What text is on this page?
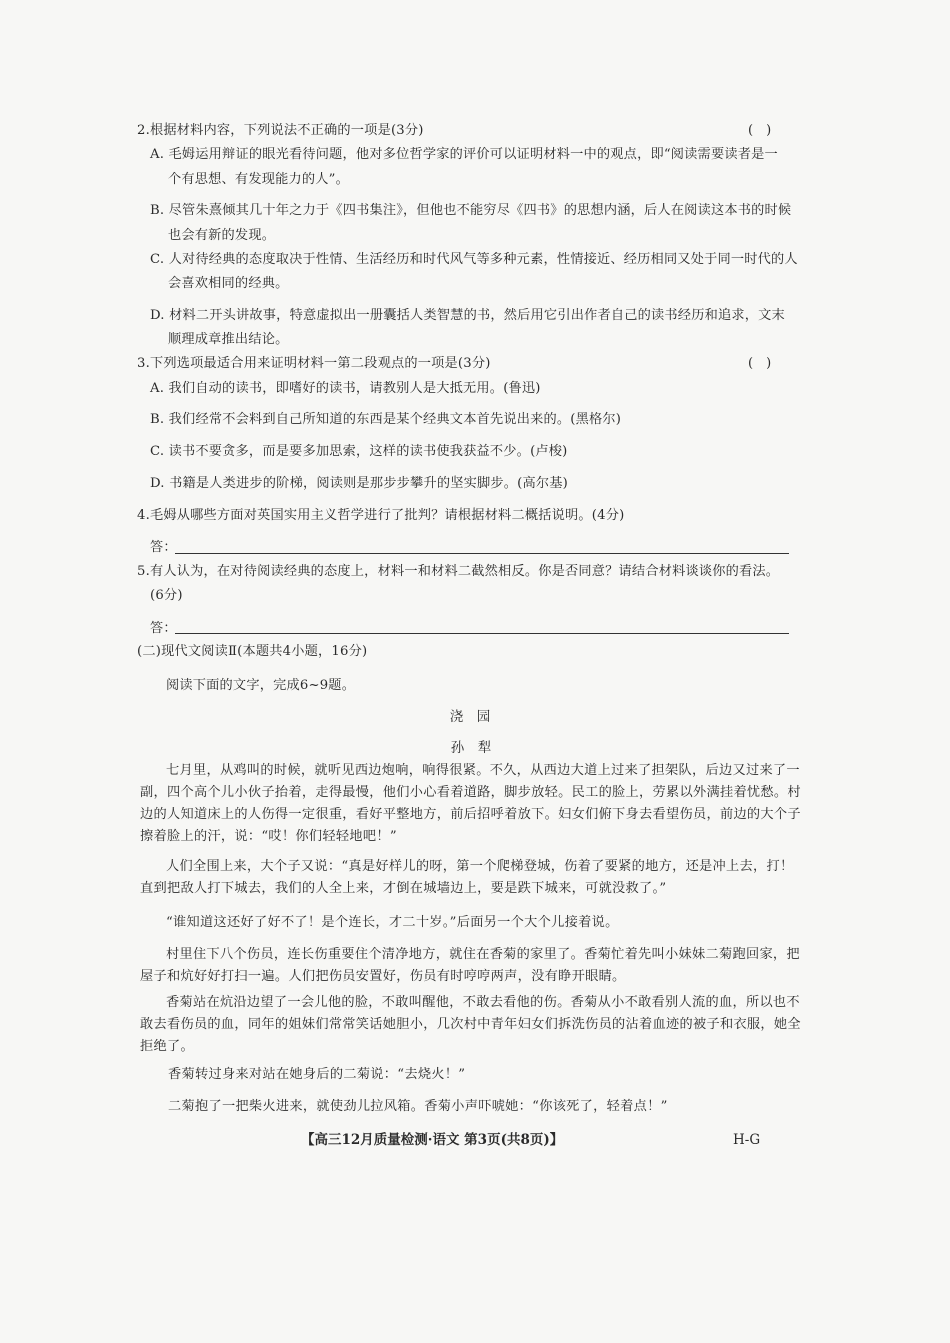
2.根据材料内容，下列说法不正确的一项是(3分)	(　)
A. 毛姆运用辩证的眼光看待问题，他对多位哲学家的评价可以证明材料一中的观点，即“阅读需要读者是一
个有思想、有发现能力的人”。
B. 尽管朱熹倾其几十年之力于《四书集注》，但他也不能穷尽《四书》的思想内涵，后人在阅读这本书的时候
也会有新的发现。
C. 人对待经典的态度取决于性情、生活经历和时代风气等多种元素，性情接近、经历相同又处于同一时代的人
会喜欢相同的经典。
D. 材料二开头讲故事，特意虚拟出一册囊括人类智慧的书，然后用它引出作者自己的读书经历和追求，文末
顺理成章推出结论。
3.下列选项最适合用来证明材料一第二段观点的一项是(3分)	(　)
A. 我们自动的读书，即嗜好的读书，请教别人是大抵无用。(鲁迅)
B. 我们经常不会料到自己所知道的东西是某个经典文本首先说出来的。(黑格尔)
C. 读书不要贪多，而是要多加思索，这样的读书使我获益不少。(卢梭)
D. 书籍是人类进步的阶梯，阅读则是那步步攀升的坚实脚步。(高尔基)
4.毛姆从哪些方面对英国实用主义哲学进行了批判？请根据材料二概括说明。(4分)
答：
5.有人认为，在对待阅读经典的态度上，材料一和材料二截然相反。你是否同意？请结合材料谈谈你的看法。
(6分)
答：
(二)现代文阅读Ⅱ(本题共4小题，16分)
阅读下面的文字，完成6~9题。
浇　园
孙　犁
七月里，从鸡叫的时候，就听见西边炮响，响得很紧。不久，从西边大道上过来了担架队，后边又过来了一副，四个高个儿小伙子抬着，走得最慢，他们小心看着道路，脚步放轻。民工的脸上，劳累以外满挂着忧愁。村边的人知道床上的人伤得一定很重，看好平整地方，前后招呼着放下。妇女们俯下身去看望伤员，前边的大个子擦着脸上的汗，说：“哎！你们轻轻地吧！”
人们全围上来，大个子又说：“真是好样儿的呀，第一个爬梯登城，伤着了要紧的地方，还是冲上去，打！直到把敌人打下城去，我们的人全上来，才倒在城墙边上，要是跌下城来，可就没救了。”
“谁知道这还好了好不了！是个连长，才二十岁。”后面另一个大个儿接着说。
村里住下八个伤员，连长伤重要住个清净地方，就住在香菊的家里了。香菊忙着先叫小妹妹二菊跑回家，把屋子和炕好好打扫一遍。人们把伤员安置好，伤员有时哼哼两声，没有睁开眼睛。
香菊站在炕沿边望了一会儿他的脸，不敢叫醒他，不敢去看他的伤。香菊从小不敢看别人流的血，所以也不敢去看伤员的血，同年的姐妹们常常笑话她胆小，几次村中青年妇女们拆洗伤员的沾着血迹的被子和衣服，她全拒绝了。
香菊转过身来对站在她身后的二菊说：“去烧火！”
二菊抱了一把柴火进来，就使劲儿拉风箱。香菊小声吓唬她：“你该死了，轻着点！”
【高三12月质量检测·语文 第3页(共8页)】	H-G
